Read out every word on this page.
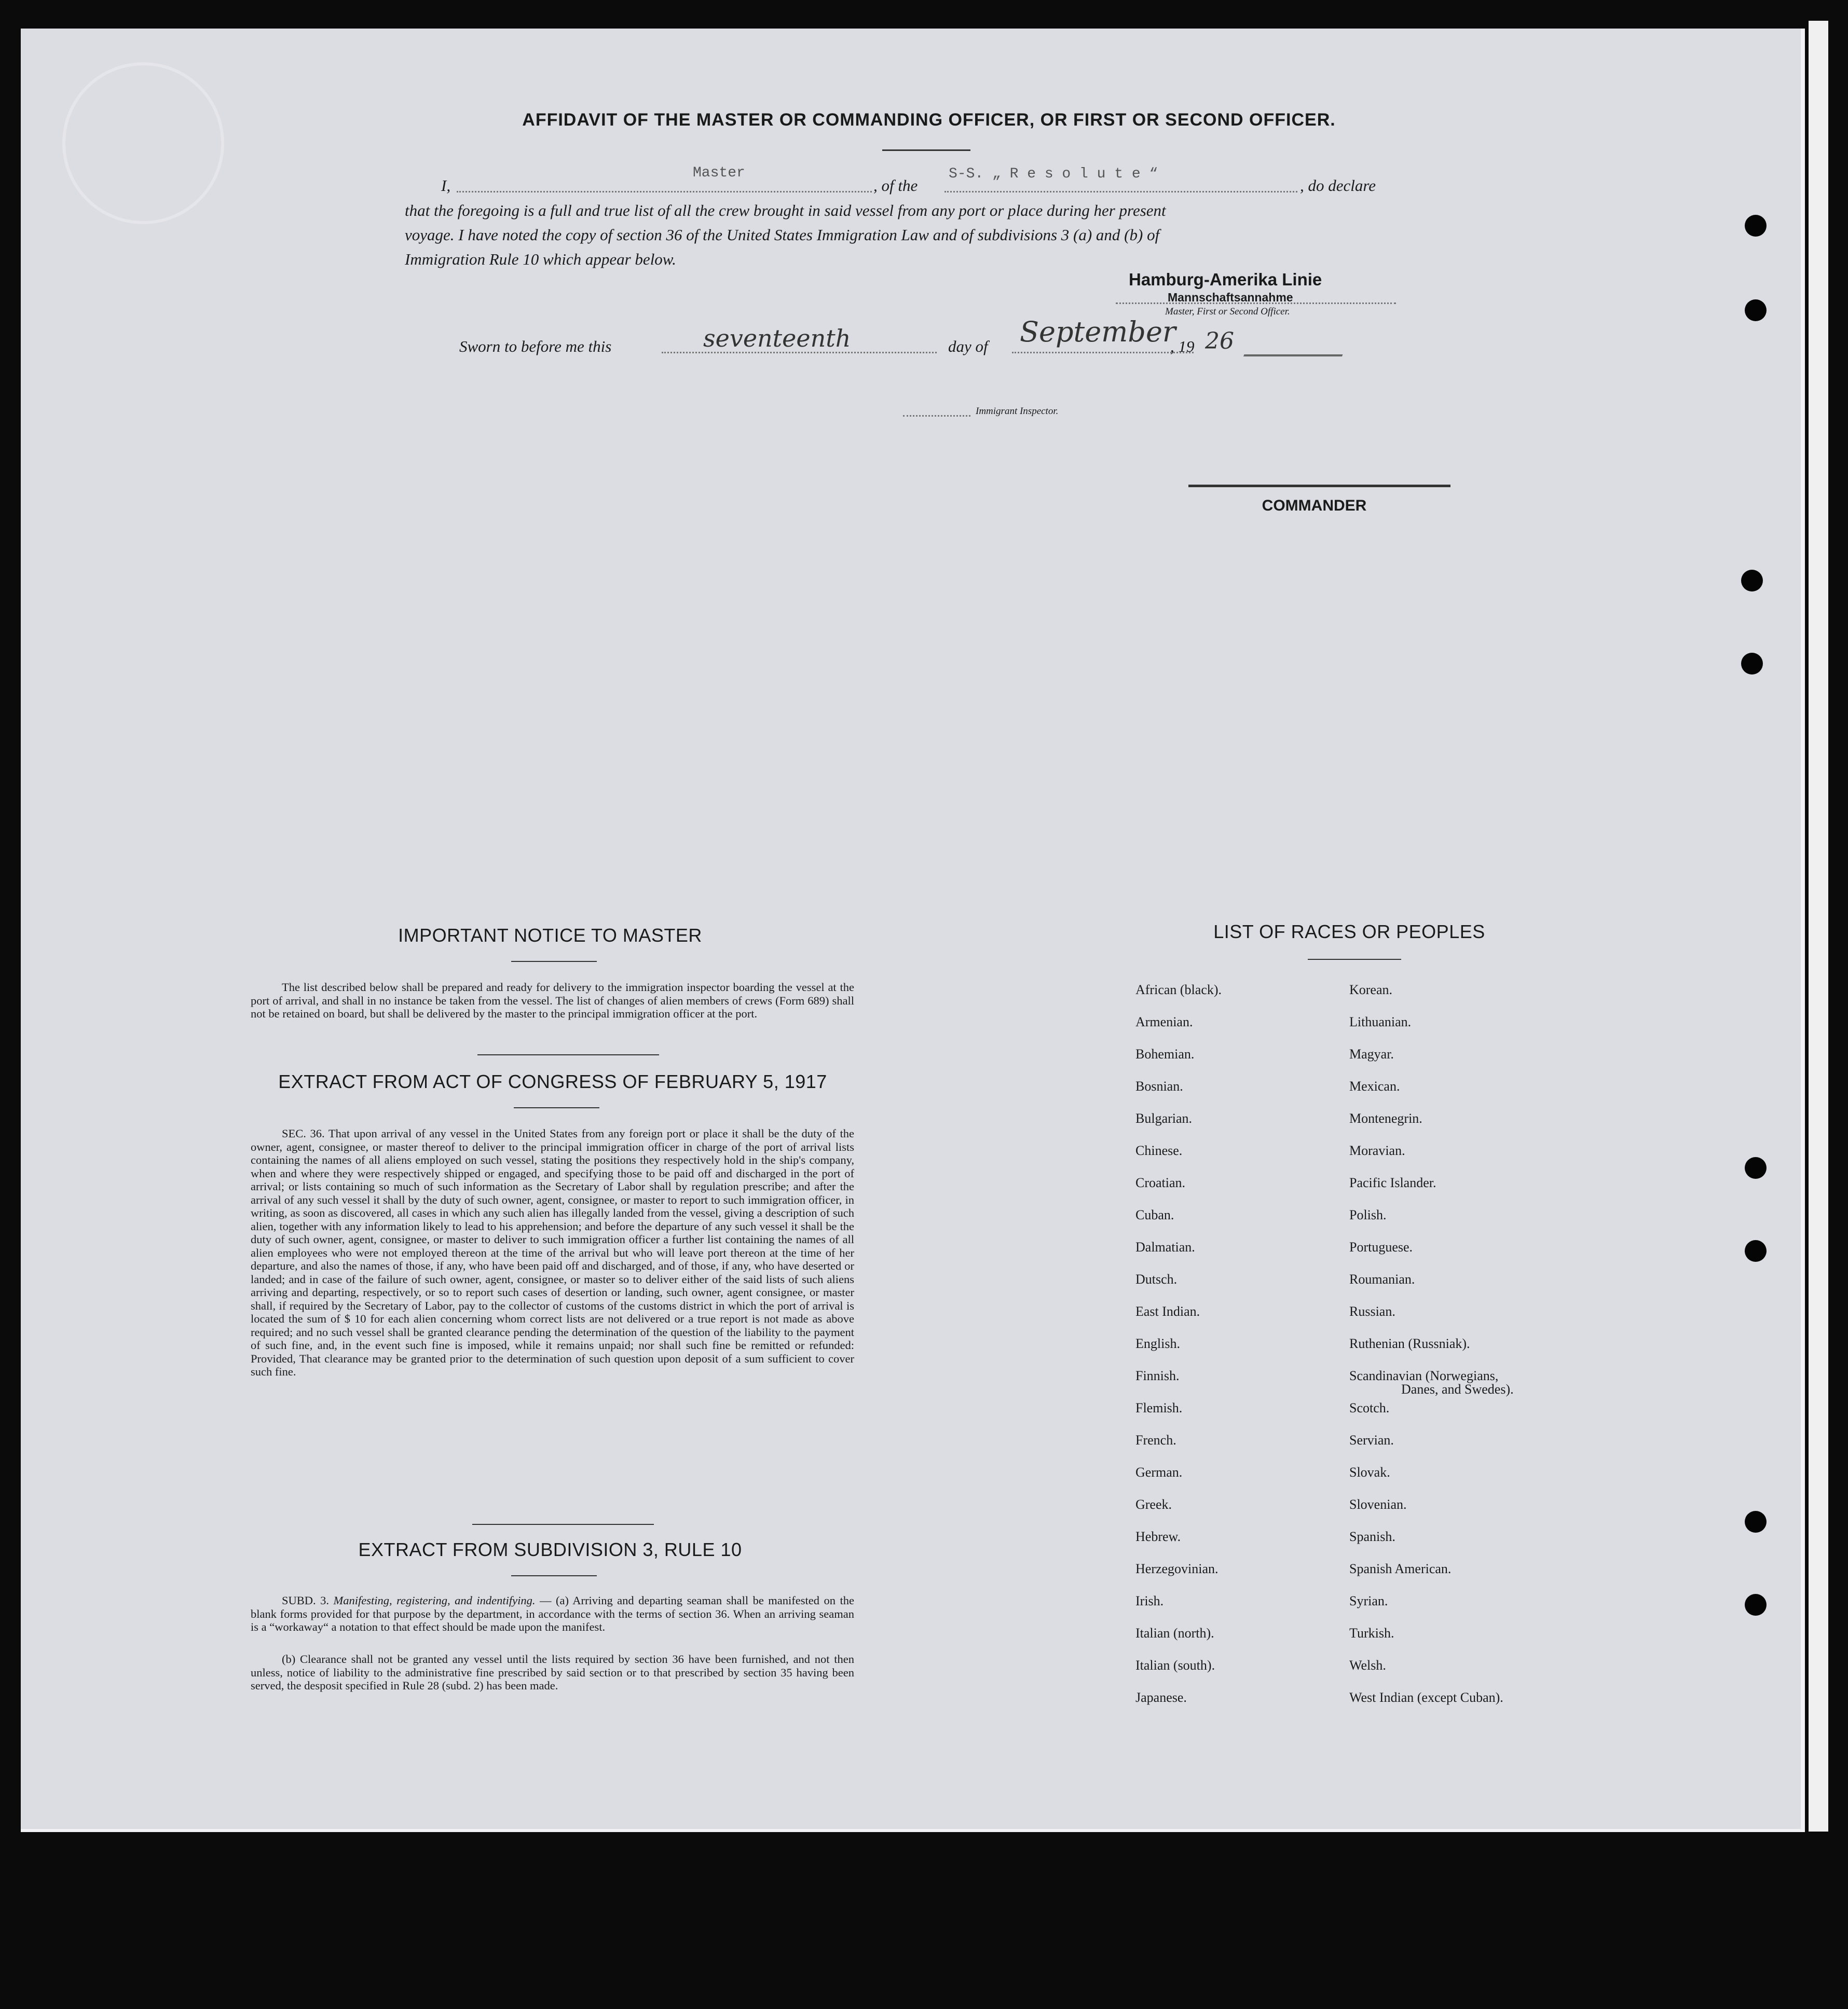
AFFIDAVIT OF THE MASTER OR COMMANDING OFFICER, OR FIRST OR SECOND OFFICER.
I,
Master
, of the
S-S. „ R e s o l u t e “
, do declare
that the foregoing is a full and true list of all the crew brought in said vessel from any port or place during her present
voyage. I have noted the copy of section 36 of the United States Immigration Law and of subdivisions 3 (a) and (b) of
Immigration Rule 10 which appear below.
Hamburg-Amerika Linie
Mannschaftsannahme
Master, First or Second Officer.
Sworn to before me this	seventeenth	day of September
, 19 26
Immigrant Inspector.
COMMANDER
IMPORTANT NOTICE TO MASTER
The list described below shall be prepared and ready for delivery to the immigration inspector boarding the vessel at the port of arrival, and shall in no instance be taken from the vessel. The list of changes of alien members of crews (Form 689) shall not be retained on board, but shall be delivered by the master to the principal immigration officer at the port.
EXTRACT FROM ACT OF CONGRESS OF FEBRUARY 5, 1917
SEC. 36. That upon arrival of any vessel in the United States from any foreign port or place it shall be the duty of the owner, agent, consignee, or master thereof to deliver to the principal immigration officer in charge of the port of arrival lists containing the names of all aliens employed on such vessel, stating the positions they respectively hold in the ship's company, when and where they were respectively shipped or engaged, and specifying those to be paid off and discharged in the port of arrival; or lists containing so much of such information as the Secretary of Labor shall by regulation prescribe; and after the arrival of any such vessel it shall by the duty of such owner, agent, consignee, or master to report to such immigration officer, in writing, as soon as discovered, all cases in which any such alien has illegally landed from the vessel, giving a description of such alien, together with any information likely to lead to his apprehension; and before the departure of any such vessel it shall be the duty of such owner, agent, consignee, or master to deliver to such immigration officer a further list containing the names of all alien employees who were not employed thereon at the time of the arrival but who will leave port thereon at the time of her departure, and also the names of those, if any, who have been paid off and discharged, and of those, if any, who have deserted or landed; and in case of the failure of such owner, agent, consignee, or master so to deliver either of the said lists of such aliens arriving and departing, respectively, or so to report such cases of desertion or landing, such owner, agent consignee, or master shall, if required by the Secretary of Labor, pay to the collector of customs of the customs district in which the port of arrival is located the sum of $ 10 for each alien concerning whom correct lists are not delivered or a true report is not made as above required; and no such vessel shall be granted clearance pending the determination of the question of the liability to the payment of such fine, and, in the event such fine is imposed, while it remains unpaid; nor shall such fine be remitted or refunded: Provided, That clearance may be granted prior to the determination of such question upon deposit of a sum sufficient to cover such fine.
EXTRACT FROM SUBDIVISION 3, RULE 10
SUBD. 3. Manifesting, registering, and indentifying. — (a) Arriving and departing seaman shall be manifested on the blank forms provided for that purpose by the department, in accordance with the terms of section 36. When an arriving seaman is a “workaway“ a notation to that effect should be made upon the manifest.
(b) Clearance shall not be granted any vessel until the lists required by section 36 have been furnished, and not then unless, notice of liability to the administrative fine prescribed by said section or to that prescribed by section 35 having been served, the desposit specified in Rule 28 (subd. 2) has been made.
LIST OF RACES OR PEOPLES
African (black).
Armenian.
Bohemian.
Bosnian.
Bulgarian.
Chinese.
Croatian.
Cuban.
Dalmatian.
Dutsch.
East Indian.
English.
Finnish.
Flemish.
French.
German.
Greek.
Hebrew.
Herzegovinian.
Irish.
Italian (north).
Italian (south).
Japanese.
Korean.
Lithuanian.
Magyar.
Mexican.
Montenegrin.
Moravian.
Pacific Islander.
Polish.
Portuguese.
Roumanian.
Russian.
Ruthenian (Russniak).
Scandinavian (Norwegians,
Scotch.
Servian.
Slovak.
Slovenian.
Spanish.
Spanish American.
Syrian.
Turkish.
Welsh.
West Indian (except Cuban).
Danes, and Swedes).
